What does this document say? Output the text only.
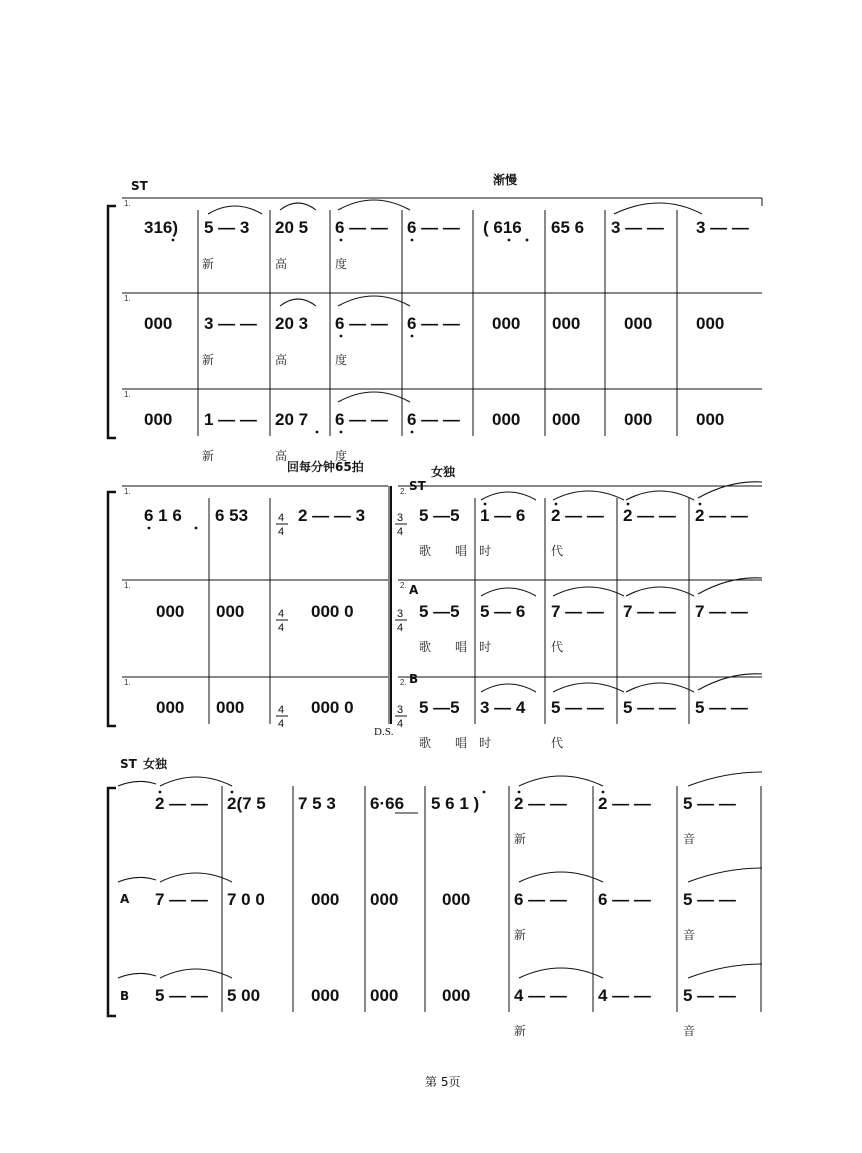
ST	渐慢
1.
1.
1.
316) 5 — 3 20 5 6 — — 6 — — ( 616 65 6 3 — — 3 — —
新	高	度
000 3 — — 20 3 6 — — 6 — — 000 000	000	000
新	高	度
000 1 — — 20 7 6 — — 6 — — 000 000	000	000
新	高	度
回每分钟65拍	女独
1.
1.
1.
2.
2.
2.
ST
A
B
4
4
4
4
4
4
3
4
3
4
3
4
6 1 6 6 53	2 — — 3	5 —5 1 — 6 2 — — 2 — — 2 — —
歌 唱 时	代
000 000	000 0	5 —5 5 — 6 7 — — 7 — — 7 — —
歌 唱 时	代
000 000	000 0	5 —5 3 — 4 5 — — 5 — — 5 — —
D.S.
歌 唱 时	代
ST 女独
A
B
2 — — 2(7 5 7 5 3 6·66 5 6 1 ) 2 — — 2 — — 5 — —
新	音
7 — — 7 0 0	000 000	000	6 — — 6 — — 5 — —
新	音
5 — — 5 00	000 000	000	4 — — 4 — — 5 — —
新	音
第 5页
